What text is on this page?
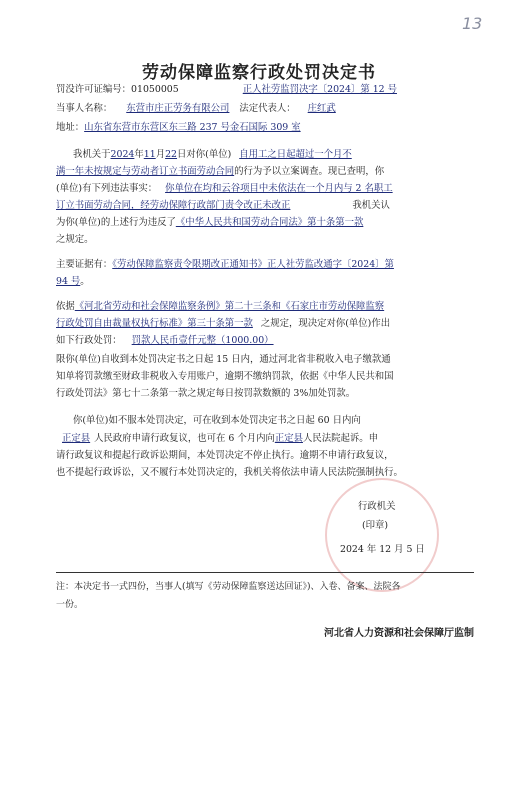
13
劳动保障监察行政处罚决定书
罚没许可证编号：01050005	正人社劳监罚决字〔2024〕第 12 号
当事人名称： 东营市庄正劳务有限公司 法定代表人： 庄红武
地址：山东省东营市东营区东三路 237 号金石国际 309 室
我机关于2024年11月22日对你(单位) 自用工之日起超过一个月不
满一年未按规定与劳动者订立书面劳动合同的行为予以立案调查。现已查明，你
(单位)有下列违法事实： 你单位在均和云谷项目中未依法在一个月内与 2 名职工
订立书面劳动合同，经劳动保障行政部门责令改正未改正	我机关认
为你(单位)的上述行为违反了《中华人民共和国劳动合同法》第十条第一款
之规定。
主要证据有：《劳动保障监察责令限期改正通知书》正人社劳监改通字〔2024〕第
94 号。
依据《河北省劳动和社会保障监察条例》第二十三条和《石家庄市劳动保障监察
行政处罚自由裁量权执行标准》第三十条第一款 之规定，现决定对你(单位)作出
如下行政处罚： 罚款人民币壹仟元整（1000.00）
限你(单位)自收到本处罚决定书之日起 15 日内，通过河北省非税收入电子缴款通
知单将罚款缴至财政非税收入专用账户，逾期不缴纳罚款，依据《中华人民共和国
行政处罚法》第七十二条第一款之规定每日按罚款数额的 3%加处罚款。
你(单位)如不服本处罚决定，可在收到本处罚决定书之日起 60 日内向
正定县 人民政府申请行政复议，也可在 6 个月内向正定县人民法院起诉。申
请行政复议和提起行政诉讼期间，本处罚决定不停止执行。逾期不申请行政复议，
也不提起行政诉讼，又不履行本处罚决定的，我机关将依法申请人民法院强制执行。
行政机关
(印章)
2024 年 12 月 5 日
注：本决定书一式四份，当事人(填写《劳动保障监察送达回证》)、入卷、备案、法院各
一份。
河北省人力资源和社会保障厅监制
